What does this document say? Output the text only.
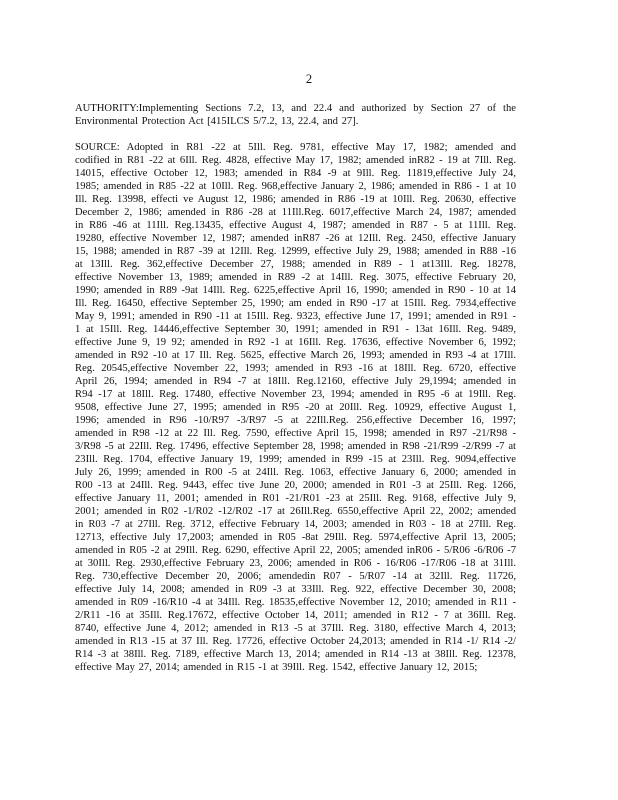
2
AUTHORITY:Implementing Sections 7.2, 13, and 22.4 and authorized by Section 27 of the
Environmental Protection Act [415ILCS 5/7.2, 13, 22.4, and 27].
SOURCE: Adopted in R81 -22 at 5Ill. Reg. 9781, effective May 17, 1982; amended and
codified in R81 -22 at 6Ill. Reg. 4828, effective May 17, 1982; amended inR82 - 19 at 7Ill. Reg.
14015, effective October 12, 1983; amended in R84 -9 at 9Ill. Reg. 11819,effective July 24,
1985; amended in R85 -22 at 10Ill. Reg. 968,effective January 2, 1986; amended in R86 - 1 at 10
Ill. Reg. 13998, effecti ve August 12, 1986; amended in R86 -19 at 10Ill. Reg. 20630, effective
December 2, 1986; amended in R86 -28 at 11Ill.Reg. 6017,effective March 24, 1987; amended
in R86 -46 at 11Ill. Reg.13435, effective August 4, 1987; amended in R87 - 5 at 11Ill. Reg.
19280, effective November 12, 1987; amended inR87 -26 at 12Ill. Reg. 2450, effective January
15, 1988; amended in R87 -39 at 12Ill. Reg. 12999, effective July 29, 1988; amended in R88 -16
at 13Ill. Reg. 362,effective December 27, 1988; amended in R89 - 1 at13Ill. Reg. 18278,
effective November 13, 1989; amended in R89 -2 at 14Ill. Reg. 3075, effective February 20,
1990; amended in R89 -9at 14Ill. Reg. 6225,effective April 16, 1990; amended in R90 - 10 at 14
Ill. Reg. 16450, effective September 25, 1990; am ended in R90 -17 at 15Ill. Reg. 7934,effective
May 9, 1991; amended in R90 -11 at 15Ill. Reg. 9323, effective June 17, 1991; amended in R91 -
1 at 15Ill. Reg. 14446,effective September 30, 1991; amended in R91 - 13at 16Ill. Reg. 9489,
effective June 9, 19 92; amended in R92 -1 at 16Ill. Reg. 17636, effective November 6, 1992;
amended in R92 -10 at 17 Ill. Reg. 5625, effective March 26, 1993; amended in R93 -4 at 17Ill.
Reg. 20545,effective November 22, 1993; amended in R93 -16 at 18Ill. Reg. 6720, effective
April 26, 1994; amended in R94 -7 at 18Ill. Reg.12160, effective July 29,1994; amended in
R94 -17 at 18Ill. Reg. 17480, effective November 23, 1994; amended in R95 -6 at 19Ill. Reg.
9508, effective June 27, 1995; amended in R95 -20 at 20Ill. Reg. 10929, effective August 1,
1996; amended in R96 -10/R97 -3/R97 -5 at 22Ill.Reg. 256,effective December 16, 1997;
amended in R98 -12 at 22 Ill. Reg. 7590, effective April 15, 1998; amended in R97 -21/R98 -
3/R98 -5 at 22Ill. Reg. 17496, effective September 28, 1998; amended in R98 -21/R99 -2/R99 -7 at
23Ill. Reg. 1704, effective January 19, 1999; amended in R99 -15 at 23Ill. Reg. 9094,effective
July 26, 1999; amended in R00 -5 at 24Ill. Reg. 1063, effective January 6, 2000; amended in
R00 -13 at 24Ill. Reg. 9443, effec tive June 20, 2000; amended in R01 -3 at 25Ill. Reg. 1266,
effective January 11, 2001; amended in R01 -21/R01 -23 at 25Ill. Reg. 9168, effective July 9,
2001; amended in R02 -1/R02 -12/R02 -17 at 26Ill.Reg. 6550,effective April 22, 2002; amended
in R03 -7 at 27Ill. Reg. 3712, effective February 14, 2003; amended in R03 - 18 at 27Ill. Reg.
12713, effective July 17,2003; amended in R05 -8at 29Ill. Reg. 5974,effective April 13, 2005;
amended in R05 -2 at 29Ill. Reg. 6290, effective April 22, 2005; amended inR06 - 5/R06 -6/R06 -7
at 30Ill. Reg. 2930,effective February 23, 2006; amended in R06 - 16/R06 -17/R06 -18 at 31Ill.
Reg. 730,effective December 20, 2006; amendedin R07 - 5/R07 -14 at 32Ill. Reg. 11726,
effective July 14, 2008; amended in R09 -3 at 33Ill. Reg. 922, effective December 30, 2008;
amended in R09 -16/R10 -4 at 34Ill. Reg. 18535,effective November 12, 2010; amended in R11 -
2/R11 -16 at 35Ill. Reg.17672, effective October 14, 2011; amended in R12 - 7 at 36Ill. Reg.
8740, effective June 4, 2012; amended in R13 -5 at 37Ill. Reg. 3180, effective March 4, 2013;
amended in R13 -15 at 37 Ill. Reg. 17726, effective October 24,2013; amended in R14 -1/ R14 -2/
R14 -3 at 38Ill. Reg. 7189, effective March 13, 2014; amended in R14 -13 at 38Ill. Reg. 12378,
effective May 27, 2014; amended in R15 -1 at 39Ill. Reg. 1542, effective January 12, 2015;
